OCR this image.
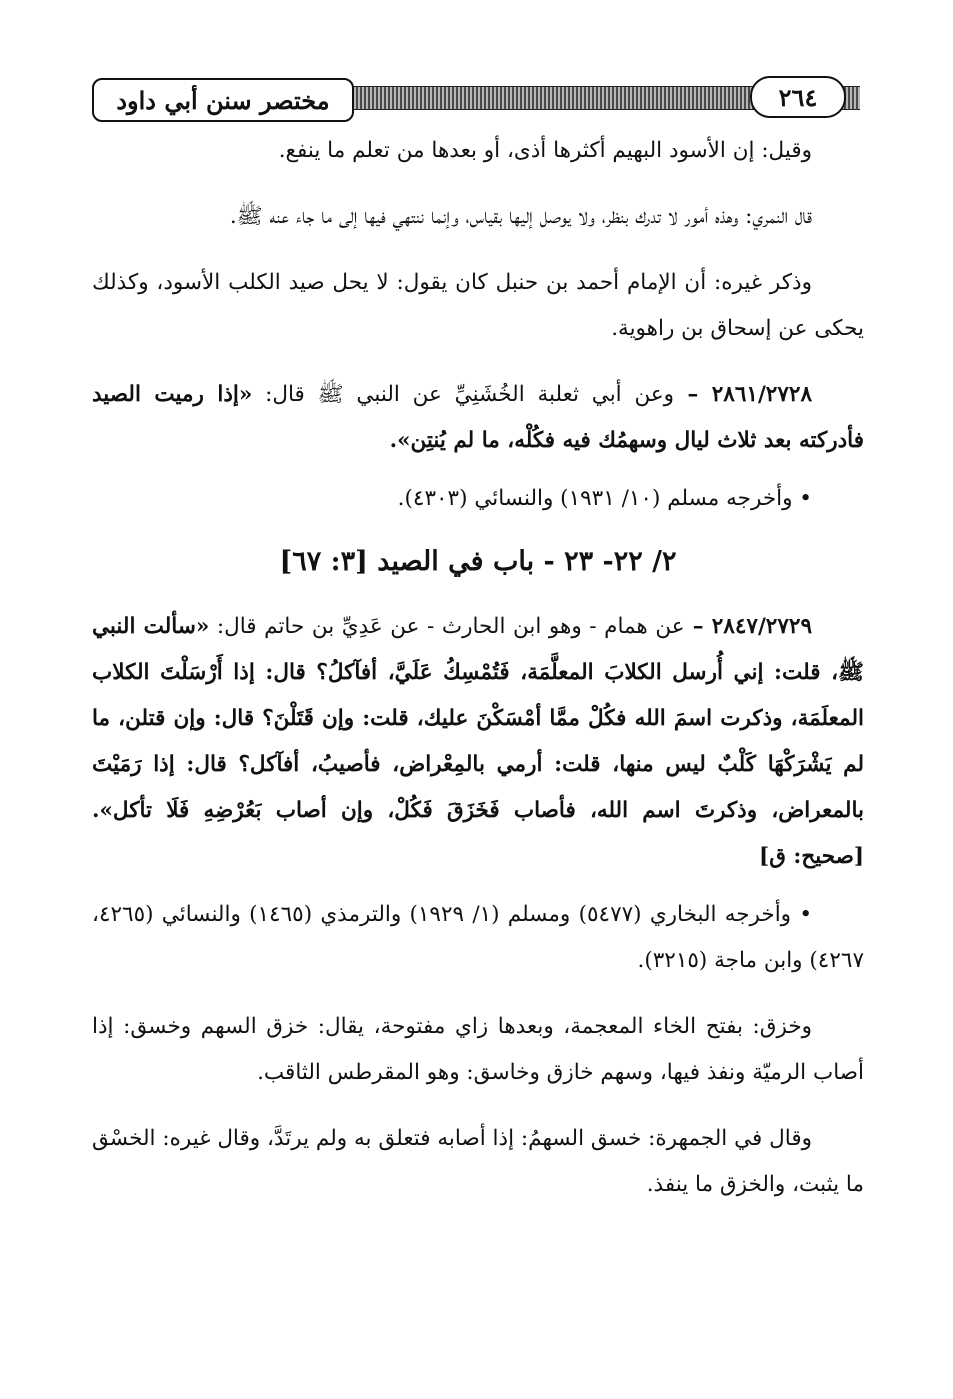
٢٦٤
مختصر سنن أبي داود

وقيل: إن الأسود البهيم أكثرها أذى، أو بعدها من تعلم ما ينفع.

قال النمري: وهذه أمور لا تدرك بنظر، ولا يوصل إليها بقياس، وإنما ننتهي فيها إلى ما جاء عنه ﷺ.

وذكر غيره: أن الإمام أحمد بن حنبل كان يقول: لا يحل صيد الكلب الأسود، وكذلك يحكى عن إسحاق بن راهوية.

٢٨٦١/٢٧٢٨ – وعن أبي ثعلبة الخُشَنِيِّ عن النبي ﷺ قال: «إذا رميت الصيد فأدركته بعد ثلاث ليال وسهمُك فيه فكُلْه، ما لم يُنتِن».

• وأخرجه مسلم (١٠/ ١٩٣١) والنسائي (٤٣٠٣).

٢/ ٢٢- ٢٣ - باب في الصيد [٣: ٦٧]

٢٨٤٧/٢٧٢٩ – عن همام - وهو ابن الحارث - عن عَدِيِّ بن حاتم قال: «سألت النبي ﷺ، قلت: إني أُرسل الكلابَ المعلَّمَة، فَتُمْسِكُ عَلَيَّ، أفآكلُ؟ قال: إذا أَرْسَلْتَ الكلاب المعلَمَة، وذكرت اسمَ الله فكُلْ ممَّا أمْسَكْنَ عليك، قلت: وإن قَتَلْنَ؟ قال: وإن قتلن، ما لم يَشْرَكْهَا كَلْبٌ ليس منها، قلت: أرمي بالمِعْراض، فأصيبُ، أفآكل؟ قال: إذا رَمَيْتَ بالمعراض، وذكرتَ اسم الله، فأصاب فَخَزَقَ فَكُلْ، وإن أصاب بَعُرْضِهِ فَلَا تأكل». [صحيح: ق]

• وأخرجه البخاري (٥٤٧٧) ومسلم (١/ ١٩٢٩) والترمذي (١٤٦٥) والنسائي (٤٢٦٥، ٤٢٦٧) وابن ماجة (٣٢١٥).

وخزق: بفتح الخاء المعجمة، وبعدها زاي مفتوحة، يقال: خزق السهم وخسق: إذا أصاب الرميّة ونفذ فيها، وسهم خازق وخاسق: وهو المقرطس الثاقب.

وقال في الجمهرة: خسق السهمُ: إذا أصابه فتعلق به ولم يرتَدَّ، وقال غيره: الخسْق ما يثبت، والخزق ما ينفذ.
